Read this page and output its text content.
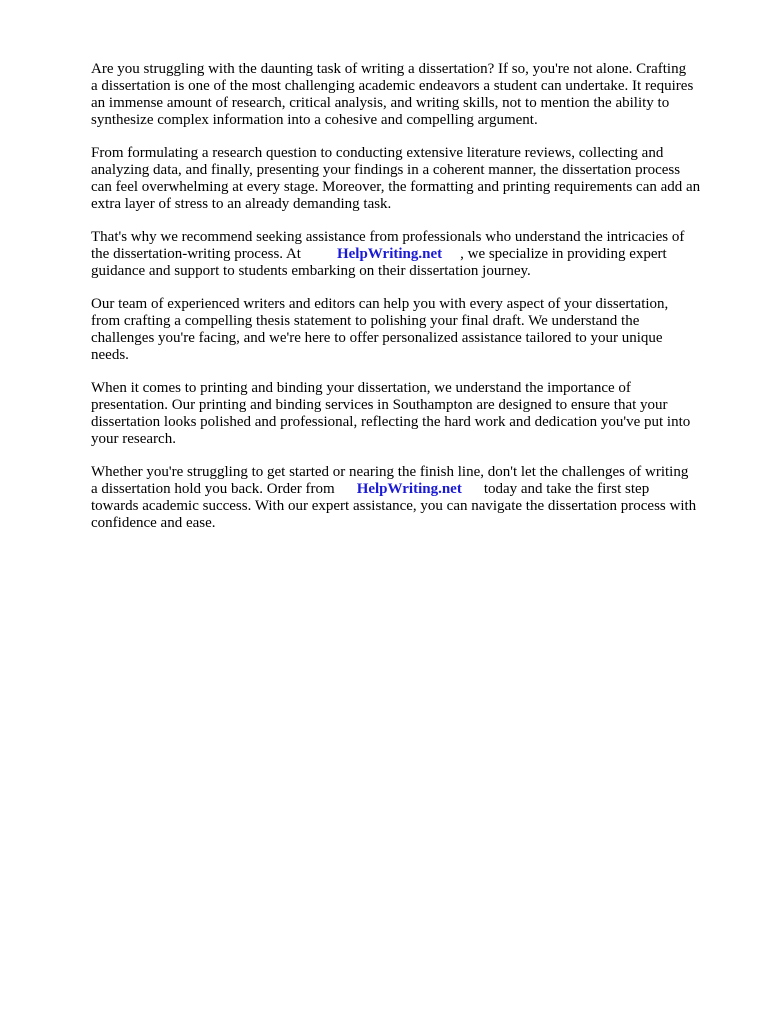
Are you struggling with the daunting task of writing a dissertation? If so, you're not alone. Crafting
a dissertation is one of the most challenging academic endeavors a student can undertake. It requires
an immense amount of research, critical analysis, and writing skills, not to mention the ability to
synthesize complex information into a cohesive and compelling argument.

From formulating a research question to conducting extensive literature reviews, collecting and
analyzing data, and finally, presenting your findings in a coherent manner, the dissertation process
can feel overwhelming at every stage. Moreover, the formatting and printing requirements can add an
extra layer of stress to an already demanding task.

That's why we recommend seeking assistance from professionals who understand the intricacies of
the dissertation-writing process. At HelpWriting.net , we specialize in providing expert
guidance and support to students embarking on their dissertation journey.

Our team of experienced writers and editors can help you with every aspect of your dissertation,
from crafting a compelling thesis statement to polishing your final draft. We understand the
challenges you're facing, and we're here to offer personalized assistance tailored to your unique
needs.

When it comes to printing and binding your dissertation, we understand the importance of
presentation. Our printing and binding services in Southampton are designed to ensure that your
dissertation looks polished and professional, reflecting the hard work and dedication you've put into
your research.

Whether you're struggling to get started or nearing the finish line, don't let the challenges of writing
a dissertation hold you back. Order from HelpWriting.net today and take the first step
towards academic success. With our expert assistance, you can navigate the dissertation process with
confidence and ease.
